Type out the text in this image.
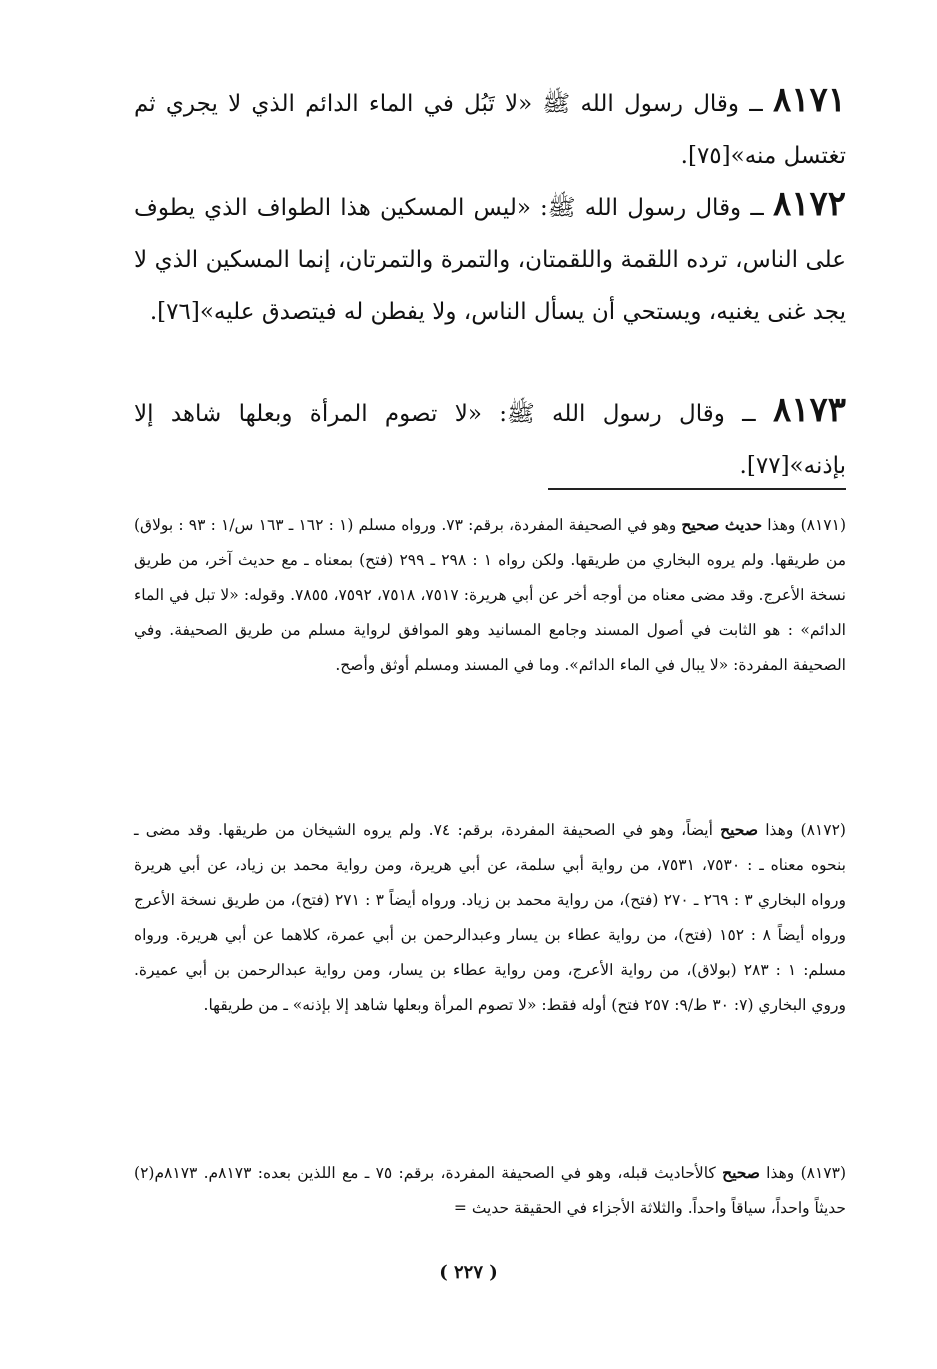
٨١٧١ ــ وقال رسول الله ﷺ «لا تَبُل في الماء الدائم الذي لا يجري ثم تغتسل منه»[٧٥].
٨١٧٢ ــ وقال رسول الله ﷺ: «ليس المسكين هذا الطواف الذي يطوف على الناس، ترده اللقمة واللقمتان، والتمرة والتمرتان، إنما المسكين الذي لا يجد غنى يغنيه، ويستحي أن يسأل الناس، ولا يفطن له فيتصدق عليه»[٧٦].
٨١٧٣ ــ وقال رسول الله ﷺ: «لا تصوم المرأة وبعلها شاهد إلا بإذنه»[٧٧].
(٨١٧١) وهذا حديث صحيح وهو في الصحيفة المفردة، برقم: ٧٣. ورواه مسلم (١ : ١٦٢ ـ ١٦٣ س/١ : ٩٣ : بولاق) من طريقها. ولم يروه البخاري من طريقها. ولكن رواه ١ : ٢٩٨ ـ ٢٩٩ (فتح) بمعناه ـ مع حديث آخر، من طريق نسخة الأعرج. وقد مضى معناه من أوجه أخر عن أبي هريرة: ٧٥١٧، ٧٥١٨، ٧٥٩٢، ٧٨٥٥. وقوله: «لا تبل في الماء الدائم» : هو الثابت في أصول المسند وجامع المسانيد وهو الموافق لرواية مسلم من طريق الصحيفة. وفي الصحيفة المفردة: «لا يبال في الماء الدائم». وما في المسند ومسلم أوثق وأصح.
(٨١٧٢) وهذا صحيح أيضاً، وهو في الصحيفة المفردة، برقم: ٧٤. ولم يروه الشيخان من طريقها. وقد مضى ـ بنحوه معناه ـ : ٧٥٣٠، ٧٥٣١، من رواية أبي سلمة، عن أبي هريرة، ومن رواية محمد بن زياد، عن أبي هريرة ورواه البخاري ٣ : ٢٦٩ ـ ٢٧٠ (فتح)، من رواية محمد بن زياد. ورواه أيضاً ٣ : ٢٧١ (فتح)، من طريق نسخة الأعرج ورواه أيضاً ٨ : ١٥٢ (فتح)، من رواية عطاء بن يسار وعبدالرحمن بن أبي عمرة، كلاهما عن أبي هريرة. ورواه مسلم: ١ : ٢٨٣ (بولاق)، من رواية الأعرج، ومن رواية عطاء بن يسار، ومن رواية عبدالرحمن بن أبي عميرة. وروي البخاري (٧: ٣٠ ط/٩: ٢٥٧ فتح) أوله فقط: «لا تصوم المرأة وبعلها شاهد إلا بإذنه» ـ من طريقها.
(٨١٧٣) وهذا صحيح كالأحاديث قبله، وهو في الصحيفة المفردة، برقم: ٧٥ ـ مع اللذين بعده: ٨١٧٣م. ٨١٧٣م(٢) حديثاً واحداً، سياقاً واحداً. والثلاثة الأجزاء في الحقيقة حديث =
( ٢٢٧ )
